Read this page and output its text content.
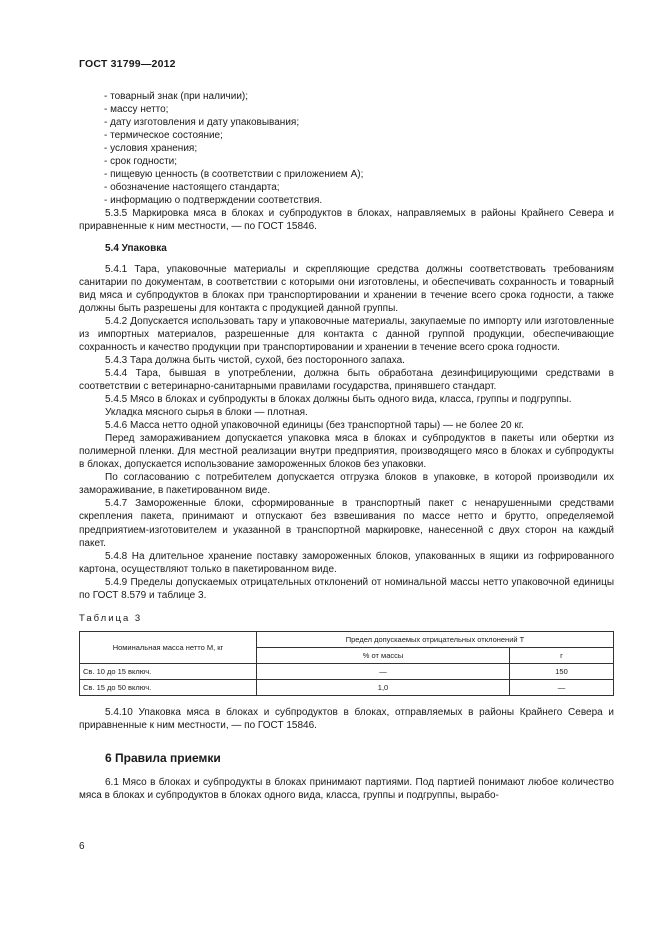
ГОСТ 31799—2012

- товарный знак (при наличии);

- массу нетто;

- дату изготовления и дату упаковывания;

- термическое состояние;

- условия хранения;

- срок годности;

- пищевую ценность (в соответствии с приложением А);

- обозначение настоящего стандарта;

- информацию о подтверждении соответствия.

5.3.5 Маркировка мяса в блоках и субпродуктов в блоках, направляемых в районы Крайнего Севера и приравненные к ним местности, — по ГОСТ 15846.

5.4 Упаковка

5.4.1 Тара, упаковочные материалы и скрепляющие средства должны соответствовать требованиям санитарии по документам, в соответствии с которыми они изготовлены, и обеспечивать сохранность и товарный вид мяса и субпродуктов в блоках при транспортировании и хранении в течение всего срока годности, а также должны быть разрешены для контакта с продукцией данной группы.

5.4.2 Допускается использовать тару и упаковочные материалы, закупаемые по импорту или изготовленные из импортных материалов, разрешенные для контакта с данной группой продукции, обеспечивающие сохранность и качество продукции при транспортировании и хранении в течение всего срока годности.

5.4.3 Тара должна быть чистой, сухой, без посторонного запаха.

5.4.4 Тара, бывшая в употреблении, должна быть обработана дезинфицирующими средствами в соответствии с ветеринарно-санитарными правилами государства, принявшего стандарт.

5.4.5 Мясо в блоках и субпродукты в блоках должны быть одного вида, класса, группы и подгруппы.

Укладка мясного сырья в блоки — плотная.

5.4.6 Масса нетто одной упаковочной единицы (без транспортной тары) — не более 20 кг.

Перед замораживанием допускается упаковка мяса в блоках и субпродуктов в пакеты или обертки из полимерной пленки. Для местной реализации внутри предприятия, производящего мясо в блоках и субпродукты в блоках, допускается использование замороженных блоков без упаковки.

По согласованию с потребителем допускается отгрузка блоков в упаковке, в которой производили их замораживание, в пакетированном виде.

5.4.7 Замороженные блоки, сформированные в транспортный пакет с ненарушенными средствами скрепления пакета, принимают и отпускают без взвешивания по массе нетто и брутто, определяемой предприятием-изготовителем и указанной в транспортной маркировке, нанесенной с двух сторон на каждый пакет.

5.4.8 На длительное хранение поставку замороженных блоков, упакованных в ящики из гофрированного картона, осуществляют только в пакетированном виде.

5.4.9 Пределы допускаемых отрицательных отклонений от номинальной массы нетто упаковочной единицы по ГОСТ 8.579 и таблице 3.

Таблица 3
Номинальная масса нетто M, кг	Предел допускаемых отрицательных отклонений T	
	% от массы	г
Св. 10 до 15 включ.	—	150
Св. 15 до 50 включ.	1,0	—

5.4.10 Упаковка мяса в блоках и субпродуктов в блоках, отправляемых в районы Крайнего Севера и приравненные к ним местности, — по ГОСТ 15846.

6 Правила приемки

6.1 Мясо в блоках и субпродукты в блоках принимают партиями. Под партией понимают любое количество мяса в блоках и субпродуктов в блоках одного вида, класса, группы и подгруппы, вырабо-

6
